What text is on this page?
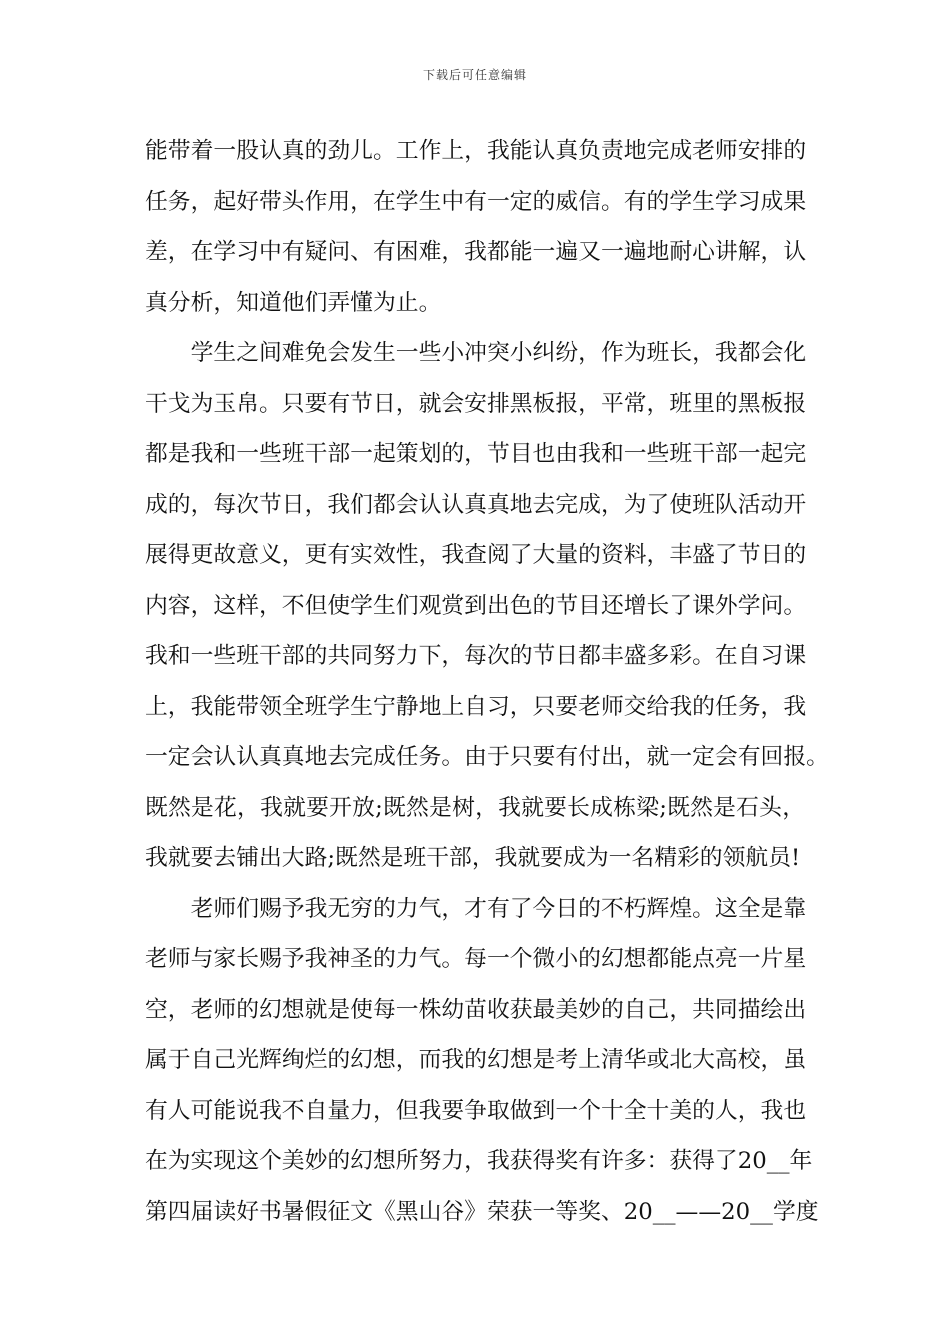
下载后可任意编辑
能带着一股认真的劲儿。工作上，我能认真负责地完成老师安排的
任务，起好带头作用，在学生中有一定的威信。有的学生学习成果
差，在学习中有疑问、有困难，我都能一遍又一遍地耐心讲解，认
真分析，知道他们弄懂为止。
　　学生之间难免会发生一些小冲突小纠纷，作为班长，我都会化
干戈为玉帛。只要有节日，就会安排黑板报，平常，班里的黑板报
都是我和一些班干部一起策划的，节目也由我和一些班干部一起完
成的，每次节日，我们都会认认真真地去完成，为了使班队活动开
展得更故意义，更有实效性，我查阅了大量的资料，丰盛了节日的
内容，这样，不但使学生们观赏到出色的节目还增长了课外学问。
我和一些班干部的共同努力下，每次的节日都丰盛多彩。在自习课
上，我能带领全班学生宁静地上自习，只要老师交给我的任务，我
一定会认认真真地去完成任务。由于只要有付出，就一定会有回报。
既然是花，我就要开放;既然是树，我就要长成栋梁;既然是石头，
我就要去铺出大路;既然是班干部，我就要成为一名精彩的领航员!
　　老师们赐予我无穷的力气，才有了今日的不朽辉煌。这全是靠
老师与家长赐予我神圣的力气。每一个微小的幻想都能点亮一片星
空，老师的幻想就是使每一株幼苗收获最美妙的自己，共同描绘出
属于自己光辉绚烂的幻想，而我的幻想是考上清华或北大高校，虽
有人可能说我不自量力，但我要争取做到一个十全十美的人，我也
在为实现这个美妙的幻想所努力，我获得奖有许多：获得了20__年
第四届读好书暑假征文《黑山谷》荣获一等奖、20__——20__学度
